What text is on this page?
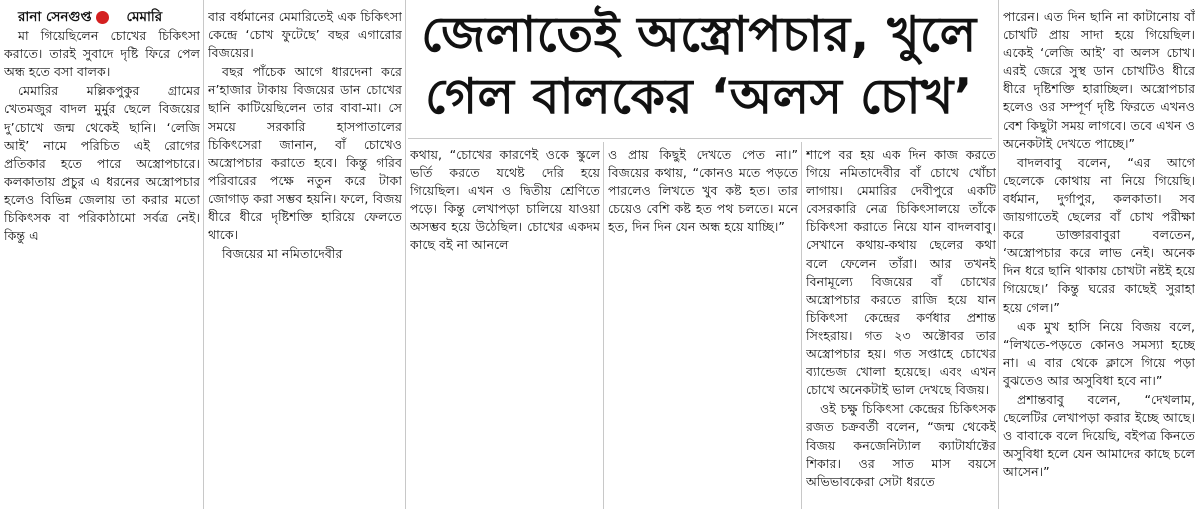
রানা সেনগুপ্ত	মেমারি

মা গিয়েছিলেন চোখের চিকিৎসা করাতে। তারই সুবাদে দৃষ্টি ফিরে পেল অন্ধ হতে বসা বালক।

মেমারির মল্লিকপুকুর গ্রামের খেতমজুর বাদল মুর্মুর ছেলে বিজয়ের দু’চোখে জন্ম থেকেই ছানি। ‘লেজি আই’ নামে পরিচিত এই রোগের প্রতিকার হতে পারে অস্ত্রোপচারে। কলকাতায় প্রচুর এ ধরনের অস্ত্রোপচার হলেও বিভিন্ন জেলায় তা করার মতো চিকিৎসক বা পরিকাঠামো সর্বত্র নেই। কিন্তু এ

বার বর্ধমানের মেমারিতেই এক চিকিৎসা কেন্দ্রে ‘চোখ ফুটেছে’ বছর এগারোর বিজয়ের।

বছর পাঁচেক আগে ধারদেনা করে ন’হাজার টাকায় বিজয়ের ডান চোখের ছানি কাটিয়েছিলেন তার বাবা-মা। সে সময়ে সরকারি হাসপাতালের চিকিৎসেরা জানান, বাঁ চোখেও অস্ত্রোপচার করাতে হবে। কিন্তু গরিব পরিবারের পক্ষে নতুন করে টাকা জোগাড় করা সম্ভব হয়নি। ফলে, বিজয় ধীরে ধীরে দৃষ্টিশক্তি হারিয়ে ফেলতে থাকে।

বিজয়ের মা নমিতাদেবীর

জেলাতেই অস্ত্রোপচার, খুলে গেল বালকের ‘অলস চোখ’

কথায়, “চোখের কারণেই ওকে স্কুলে ভর্তি করতে যথেষ্ট দেরি হয়ে গিয়েছিল। এখন ও দ্বিতীয় শ্রেণিতে পড়ে। কিন্তু লেখাপড়া চালিয়ে যাওয়া অসম্ভব হয়ে উঠেছিল। চোখের একদম কাছে বই না আনলে

ও প্রায় কিছুই দেখতে পেত না।” বিজয়ের কথায়, “কোনও মতে পড়তে পারলেও লিখতে খুব কষ্ট হত। তার চেয়েও বেশি কষ্ট হত পথ চলতে। মনে হত, দিন দিন যেন অন্ধ হয়ে যাচ্ছি।”

শাপে বর হয় এক দিন কাজ করতে গিয়ে নমিতাদেবীর বাঁ চোখে খোঁচা লাগায়। মেমারির দেবীপুরে একটি বেসরকারি নেত্র চিকিৎসালয়ে তাঁকে চিকিৎসা করাতে নিয়ে যান বাদলবাবু। সেখানে কথায়-কথায় ছেলের কথা বলে ফেলেন তাঁরা। আর তখনই বিনামূল্যে বিজয়ের বাঁ চোখের অস্ত্রোপচার করতে রাজি হয়ে যান চিকিৎসা কেন্দ্রের কর্ণধার প্রশান্ত সিংহরায়। গত ২৩ অক্টোবর তার অস্ত্রোপচার হয়। গত সপ্তাহে চোখের ব্যান্ডেজ খোলা হয়েছে। এবং এখন চোখে অনেকটাই ভাল দেখছে বিজয়।

ওই চক্ষু চিকিৎসা কেন্দ্রের চিকিৎসক রজত চক্রবর্তী বলেন, “জন্ম থেকেই বিজয় কনজেনিট্যাল ক্যাটার্যাক্টের শিকার। ওর সাত মাস বয়সে অভিভাবকেরা সেটা ধরতে

পারেন। এত দিন ছানি না কাটানোয় বাঁ চোখটি প্রায় সাদা হয়ে গিয়েছিল। একেই ‘লেজি আই’ বা অলস চোখ। এরই জেরে সুস্থ ডান চোখটিও ধীরে ধীরে দৃষ্টিশক্তি হারাচ্ছিল। অস্ত্রোপচার হলেও ওর সম্পূর্ণ দৃষ্টি ফিরতে এখনও বেশ কিছুটা সময় লাগবে। তবে এখন ও অনেকটাই দেখতে পাচ্ছে।”

বাদলবাবু বলেন, “এর আগে ছেলেকে কোথায় না নিয়ে গিয়েছি। বর্ধমান, দুর্গাপুর, কলকাতা। সব জায়গাতেই ছেলের বাঁ চোখ পরীক্ষা করে ডাক্তারবাবুরা বলতেন, ‘অস্ত্রোপচার করে লাভ নেই। অনেক দিন ধরে ছানি থাকায় চোখটা নষ্টই হয়ে গিয়েছে।’ কিন্তু ঘরের কাছেই সুরাহা হয়ে গেল।”

এক মুখ হাসি নিয়ে বিজয় বলে, “লিখতে-পড়তে কোনও সমস্যা হচ্ছে না। এ বার থেকে ক্লাসে গিয়ে পড়া বুঝতেও আর অসুবিধা হবে না।”

প্রশান্তবাবু বলেন, “দেখলাম, ছেলেটির লেখাপড়া করার ইচ্ছে আছে। ও বাবাকে বলে দিয়েছি, বইপত্র কিনতে অসুবিধা হলে যেন আমাদের কাছে চলে আসেন।”
